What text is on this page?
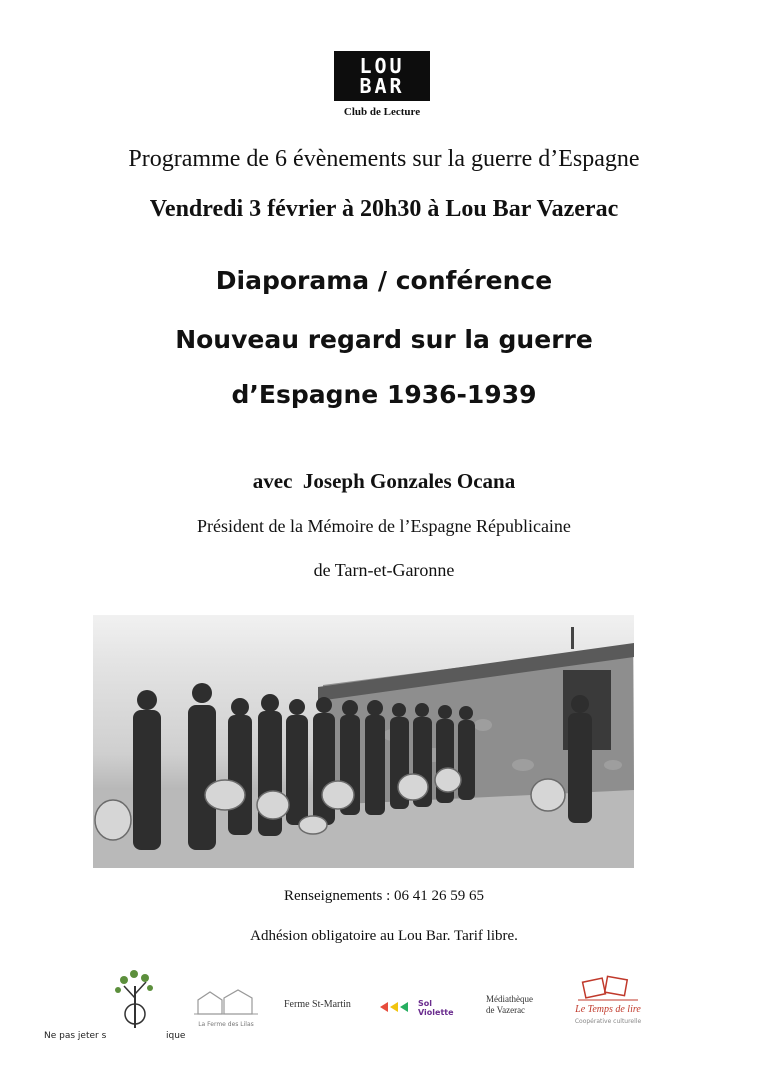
LOU
BAR
Club de Lecture
Programme de 6 évènements sur la guerre d’Espagne
Vendredi 3 février à 20h30 à Lou Bar Vazerac
Diaporama / conférence
Nouveau regard sur la guerre
d’Espagne 1936-1939
avec  Joseph Gonzales Ocana
Président de la Mémoire de l’Espagne Républicaine
de Tarn-et-Garonne
Renseignements : 06 41 26 59 65
Adhésion obligatoire au Lou Bar. Tarif libre.
La Ferme des Lilas
Ferme St-Martin	Sol Violette
Médiathèque
de Vazerac	Le Temps de lire
Coopérative culturelle
Ne pas jeter s	ique
